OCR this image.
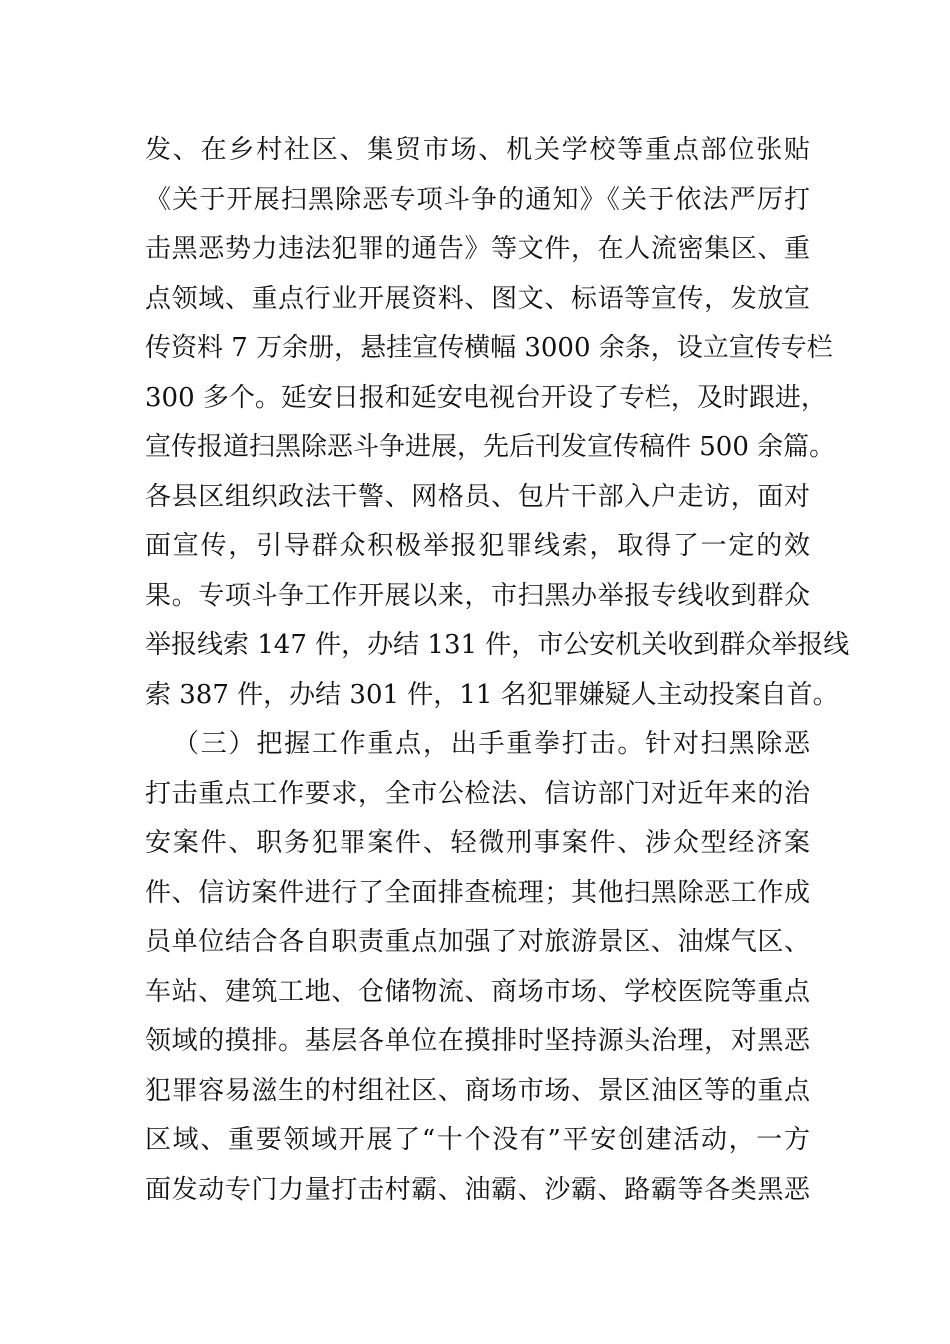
发、在乡村社区、集贸市场、机关学校等重点部位张贴
《关于开展扫黑除恶专项斗争的通知》《关于依法严厉打
击黑恶势力违法犯罪的通告》等文件，在人流密集区、重
点领域、重点行业开展资料、图文、标语等宣传，发放宣
传资料 7 万余册，悬挂宣传横幅 3000 余条，设立宣传专栏
300 多个。延安日报和延安电视台开设了专栏，及时跟进，
宣传报道扫黑除恶斗争进展，先后刊发宣传稿件 500 余篇。
各县区组织政法干警、网格员、包片干部入户走访，面对
面宣传，引导群众积极举报犯罪线索，取得了一定的效
果。专项斗争工作开展以来，市扫黑办举报专线收到群众
举报线索 147 件，办结 131 件，市公安机关收到群众举报线
索 387 件，办结 301 件，11 名犯罪嫌疑人主动投案自首。
（三）把握工作重点，出手重拳打击。针对扫黑除恶
打击重点工作要求，全市公检法、信访部门对近年来的治
安案件、职务犯罪案件、轻微刑事案件、涉众型经济案
件、信访案件进行了全面排查梳理；其他扫黑除恶工作成
员单位结合各自职责重点加强了对旅游景区、油煤气区、
车站、建筑工地、仓储物流、商场市场、学校医院等重点
领域的摸排。基层各单位在摸排时坚持源头治理，对黑恶
犯罪容易滋生的村组社区、商场市场、景区油区等的重点
区域、重要领域开展了“十个没有”平安创建活动，一方
面发动专门力量打击村霸、油霸、沙霸、路霸等各类黑恶
